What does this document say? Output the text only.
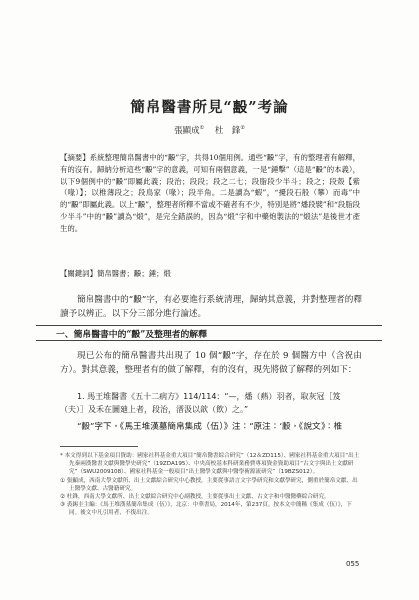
簡帛醫書所見“𣪠”考論
張顯成① 杜　鋒②
【摘要】系統整理簡帛醫書中的“𣪠”字，共得10個用例。通些“𣪠”字，有的整理者有解釋，有的沒有。歸納分析這些“𣪠”字的意義，可知有兩個意義，一是“錘擊”（這是“𣪠”的本義），以下9個例中的“𣪠”即屬此義；段治；段段；段之二七；段脂段少半斗；段之；段殼【紫（喙）】；以椎薄段之；段鳥家（喙）；段半角。二是讀為“蝦”，“擾段石般（攀）而毒”中的“𣪠”即屬此義。以上“𣪠”，整理者所釋不當或不確者有不少，特別是將“燔段襞”和“段脂段少半斗”中的“𣪠”讀為“煅”，是完全錯誤的，因為“煅”字和中藥炮製法的“煅法”是後世才產生的。
【關鍵詞】簡帛醫書；𣪠；錘；煅
簡帛醫書中的“𣪠”字，有必要進行系統清理，歸納其意義，并對整理者的釋讀予以辨正。以下分三部分進行論述。
一、簡帛醫書中的“𣪠”及整理者的解釋
現已公布的簡帛醫書共出現了 10 個“𣪠”字，存在於 9 個醫方中（含祝由方）。對其意義，整理者有的做了解釋，有的沒有，現先將做了解釋的列如下：
1. 馬王堆醫書《五十二病方》114/114：“—，燔（爇）羽者，取灰冠［笈（夫）］及禾在圖廸上者，段治，溍汲以歆（飲）之。”
“𣪠”字下，《馬王堆漢墓簡帛集成（伍）》注：“原注：‘𣪠，《說文》：椎
* 本文得到以下基金項目資助：國家社科基金重大項目“簡帛醫書綜合研究”（12＆ZD115）、國家社科基金重大項目“出土先秦兩漢醫書文獻與醫學史研究”（19ZDA195）、中央高校基本科研業務費專項資金資助項目“古文字與出土文獻研究”（SWU2009108）、國家社科基金一般項目“出土醫學文獻與中醫學術源流研究”（19BZS012）。
① 張顯成，西南大學文獻所、出土文獻綜合研究中心教授，主要從事語言文字學研究和文獻學研究，側重於簡帛文獻、出土醫學文獻、古醫籍研究。
② 杜鋒，西南大學文獻所、出土文獻綜合研究中心副教授，主要從事出土文獻、古文字和中醫醫藥綜合研究。
③ 裘錫圭主編：《馬王堆漢墓簡帛集成（伍）》，北京：中華書局，2014年，第237頁。按本文中簡稱《集成（伍）》，下同。後文中凡引用者，不復出注。
055
